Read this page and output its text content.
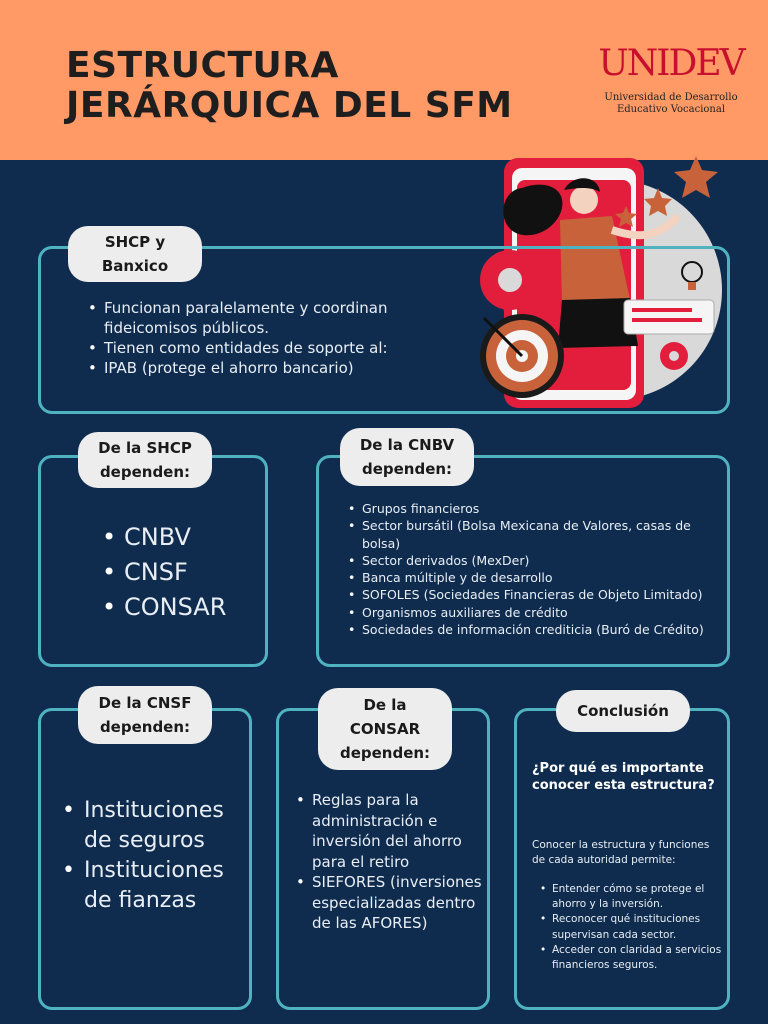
ESTRUCTURA
JERÁRQUICA DEL SFM
UNIDEV
Universidad de Desarrollo
Educativo Vocacional
SHCP y
Banxico
• Funcionan paralelamente y coordinan fideicomisos públicos.
• Tienen como entidades de soporte al:
• IPAB (protege el ahorro bancario)
De la SHCP
dependen:
• CNBV
• CNSF
• CONSAR
De la CNBV
dependen:
• Grupos financieros
• Sector bursátil (Bolsa Mexicana de Valores, casas de bolsa)
• Sector derivados (MexDer)
• Banca múltiple y de desarrollo
• SOFOLES (Sociedades Financieras de Objeto Limitado)
• Organismos auxiliares de crédito
• Sociedades de información crediticia (Buró de Crédito)
De la CNSF
dependen:
• Instituciones de seguros
• Instituciones de fianzas
De la
CONSAR
dependen:
• Reglas para la administración e inversión del ahorro para el retiro
• SIEFORES (inversiones especializadas dentro de las AFORES)
Conclusión
¿Por qué es importante conocer esta estructura?
Conocer la estructura y funciones de cada autoridad permite:
• Entender cómo se protege el ahorro y la inversión.
• Reconocer qué instituciones supervisan cada sector.
• Acceder con claridad a servicios financieros seguros.
